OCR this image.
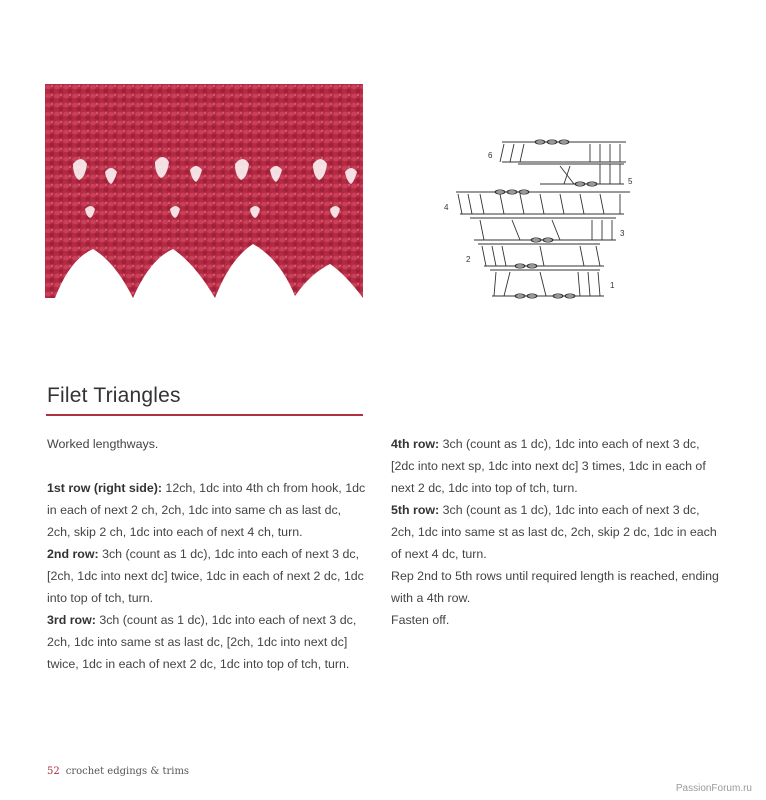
1
2
3
4
5
6
Filet Triangles

Worked lengthways.

1st row (right side): 12ch, 1dc into 4th ch from hook, 1dc in each of next 2 ch, 2ch, 1dc into same ch as last dc, 2ch, skip 2 ch, 1dc into each of next 4 ch, turn.

2nd row: 3ch (count as 1 dc), 1dc into each of next 3 dc, [2ch, 1dc into next dc] twice, 1dc in each of next 2 dc, 1dc into top of tch, turn.

3rd row: 3ch (count as 1 dc), 1dc into each of next 3 dc, 2ch, 1dc into same st as last dc, [2ch, 1dc into next dc] twice, 1dc in each of next 2 dc, 1dc into top of tch, turn.

4th row: 3ch (count as 1 dc), 1dc into each of next 3 dc, [2dc into next sp, 1dc into next dc] 3 times, 1dc in each of next 2 dc, 1dc into top of tch, turn.

5th row: 3ch (count as 1 dc), 1dc into each of next 3 dc, 2ch, 1dc into same st as last dc, 2ch, skip 2 dc, 1dc in each of next 4 dc, turn.

Rep 2nd to 5th rows until required length is reached, ending with a 4th row.

Fasten off.

52 crochet edgings & trims
PassionForum.ru
